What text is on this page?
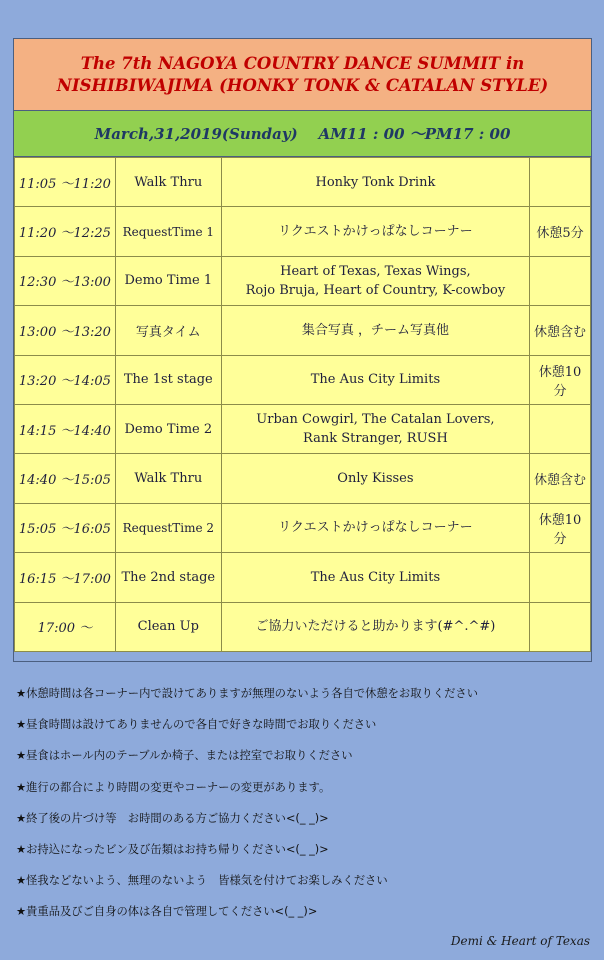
The 7th NAGOYA COUNTRY DANCE SUMMIT in
NISHIBIWAJIMA (HONKY TONK & CATALAN STYLE)
March,31,2019(Sunday)    AM11 : 00 ～PM17 : 00
11:05 ～11:20	Walk Thru	Honky Tonk Drink	

11:20 ～12:25	RequestTime 1	リクエストかけっぱなしコーナー	休憩5分
12:30 ～13:00	Demo Time 1	Heart of Texas, Texas Wings,
Rojo Bruja, Heart of Country, K-cowboy	

13:00 ～13:20	写真タイム	集合写真 ，チーム写真他	休憩含む
13:20 ～14:05	The 1st stage	The Aus City Limits	休憩10分
14:15 ～14:40	Demo Time 2	Urban Cowgirl, The Catalan Lovers,
Rank Stranger, RUSH	

14:40 ～15:05	Walk Thru	Only Kisses	休憩含む
15:05 ～16:05	RequestTime 2	リクエストかけっぱなしコーナー	休憩10分
16:15 ～17:00	The 2nd stage	The Aus City Limits	

17:00 ～	Clean Up	ご協力いただけると助かります(#^.^#)	

★休憩時間は各コーナー内で設けてありますが無理のないよう各自で休憩をお取りください
★昼食時間は設けてありませんので各自で好きな時間でお取りください
★昼食はホール内のテーブルか椅子、または控室でお取りください
★進行の都合により時間の変更やコーナーの変更があります。
★終了後の片づけ等　お時間のある方ご協力ください<(_ _)>
★お持込になったビン及び缶類はお持ち帰りください<(_ _)>
★怪我などないよう、無理のないよう　皆様気を付けてお楽しみください
★貴重品及びご自身の体は各自で管理してください<(_ _)>
Demi & Heart of Texas
